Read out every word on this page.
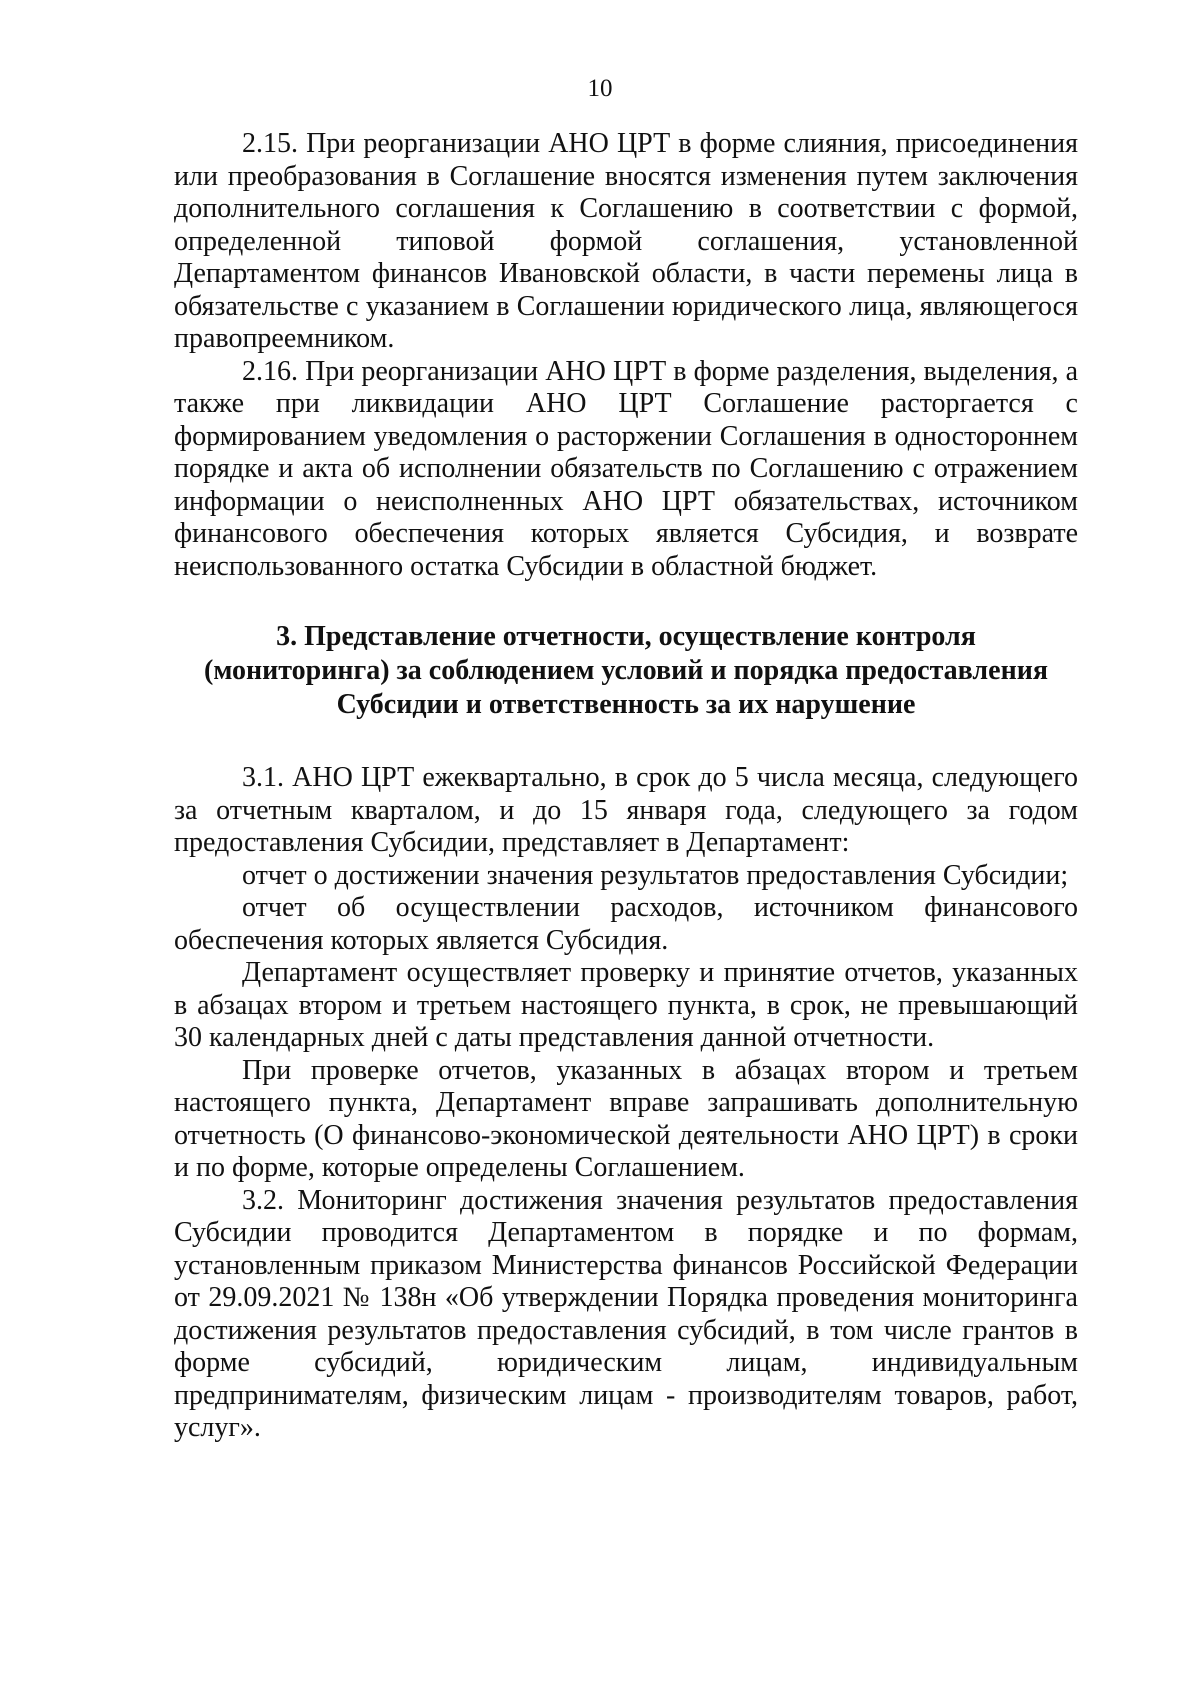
10

2.15. При реорганизации АНО ЦРТ в форме слияния, присоединения или преобразования в Соглашение вносятся изменения путем заключения дополнительного соглашения к Соглашению в соответствии с формой, определенной типовой формой соглашения, установленной Департаментом финансов Ивановской области, в части перемены лица в обязательстве с указанием в Соглашении юридического лица, являющегося правопреемником.

2.16. При реорганизации АНО ЦРТ в форме разделения, выделения, а также при ликвидации АНО ЦРТ Соглашение расторгается с формированием уведомления о расторжении Соглашения в одностороннем порядке и акта об исполнении обязательств по Соглашению с отражением информации о неисполненных АНО ЦРТ обязательствах, источником финансового обеспечения которых является Субсидия, и возврате неиспользованного остатка Субсидии в областной бюджет.

3. Представление отчетности, осуществление контроля
(мониторинга) за соблюдением условий и порядка предоставления
Субсидии и ответственность за их нарушение

3.1. АНО ЦРТ ежеквартально, в срок до 5 числа месяца, следующего за отчетным кварталом, и до 15 января года, следующего за годом предоставления Субсидии, представляет в Департамент:

отчет о достижении значения результатов предоставления Субсидии;

отчет об осуществлении расходов, источником финансового обеспечения которых является Субсидия.

Департамент осуществляет проверку и принятие отчетов, указанных в абзацах втором и третьем настоящего пункта, в срок, не превышающий 30 календарных дней с даты представления данной отчетности.

При проверке отчетов, указанных в абзацах втором и третьем настоящего пункта, Департамент вправе запрашивать дополнительную отчетность (О финансово-экономической деятельности АНО ЦРТ) в сроки и по форме, которые определены Соглашением.

3.2. Мониторинг достижения значения результатов предоставления Субсидии проводится Департаментом в порядке и по формам, установленным приказом Министерства финансов Российской Федерации от 29.09.2021 № 138н «Об утверждении Порядка проведения мониторинга достижения результатов предоставления субсидий, в том числе грантов в форме субсидий, юридическим лицам, индивидуальным предпринимателям, физическим лицам - производителям товаров, работ, услуг».
